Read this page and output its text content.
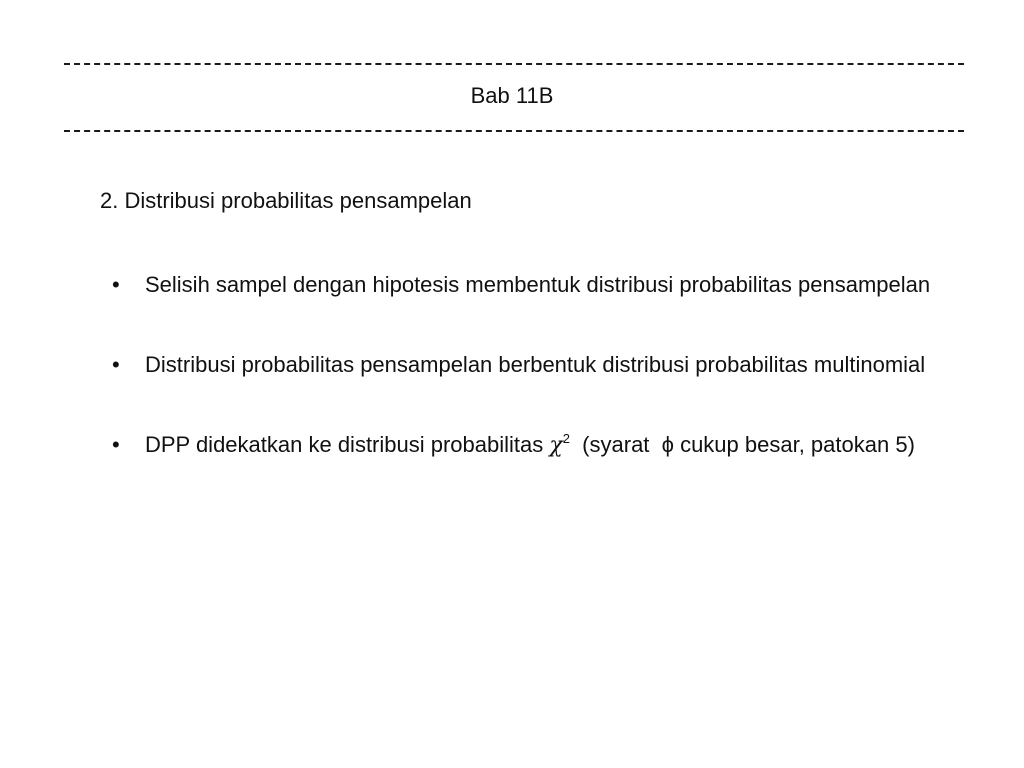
Bab 11B
2. Distribusi probabilitas pensampelan
•	Selisih sampel dengan hipotesis membentuk distribusi probabilitas pensampelan
•	Distribusi probabilitas pensampelan berbentuk distribusi probabilitas multinomial
•	DPP didekatkan ke distribusi probabilitas $\chi^2$  (syarat  ϕ cukup besar, patokan 5)
